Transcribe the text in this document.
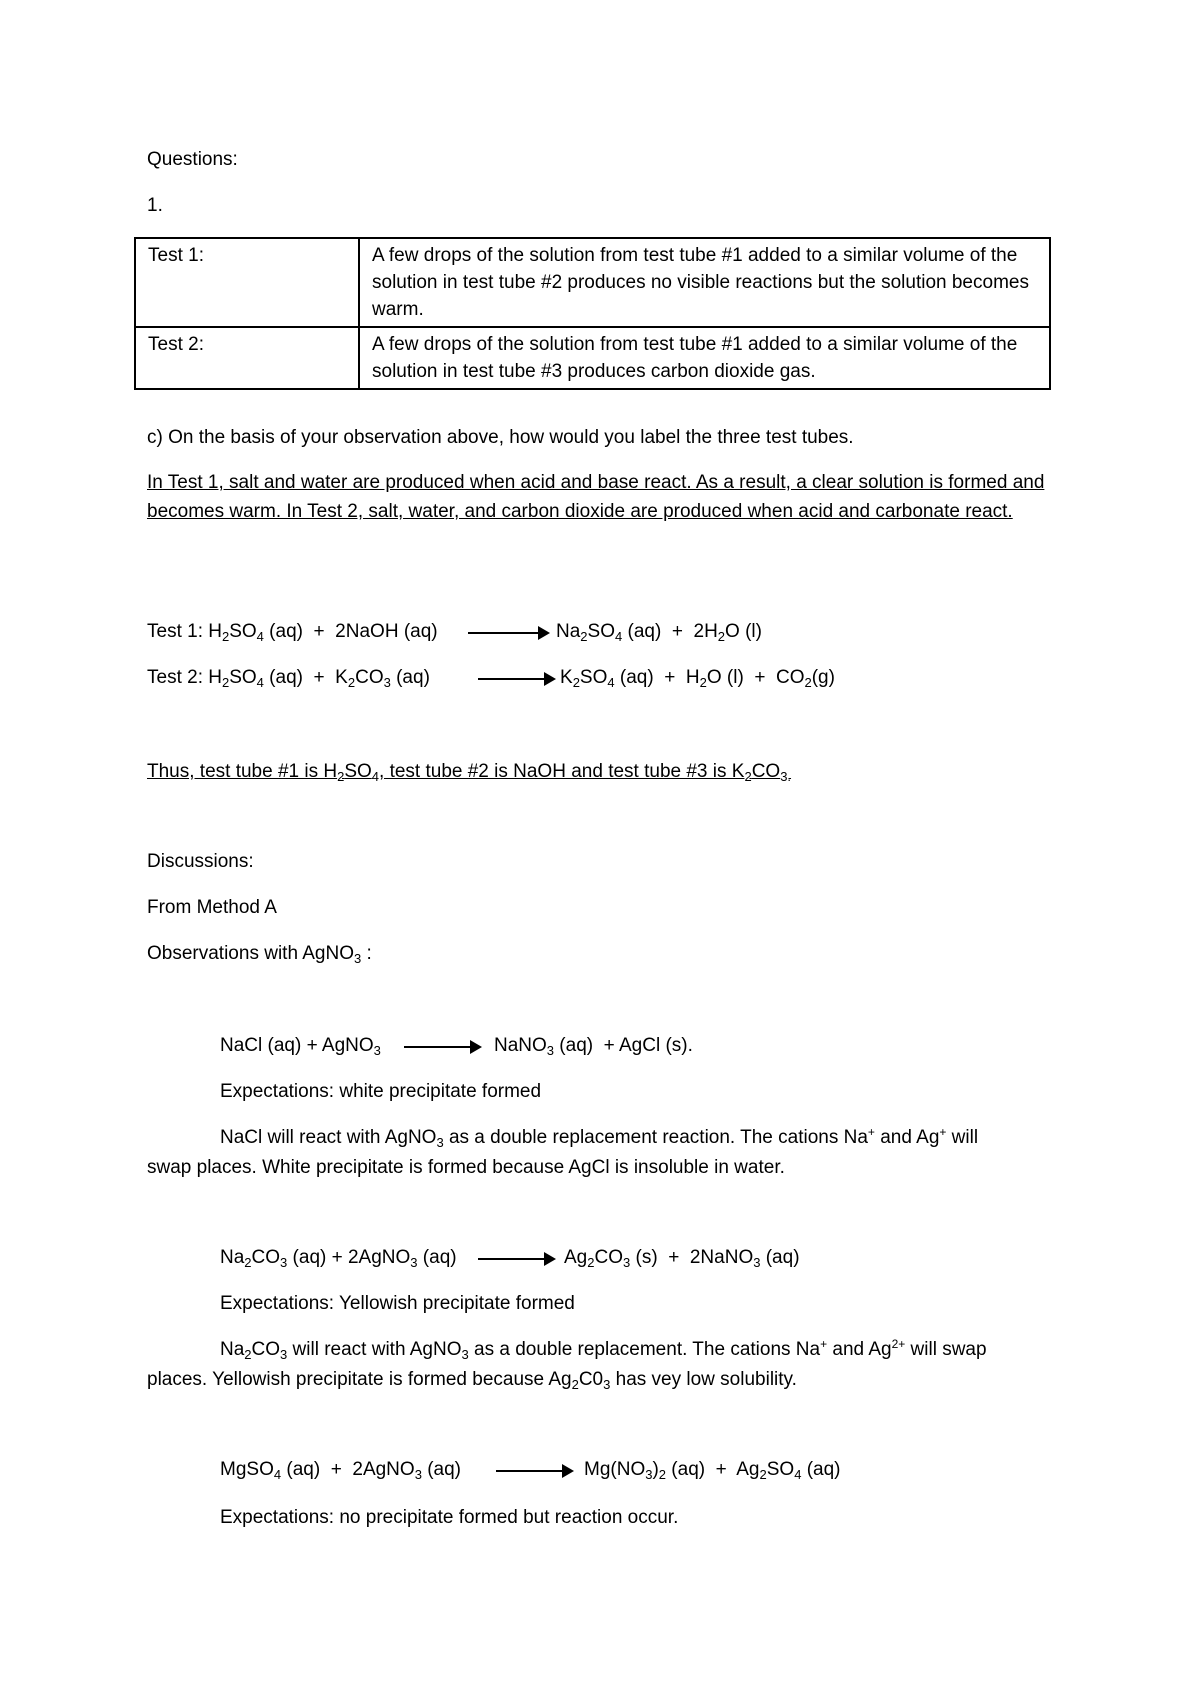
Questions:
1.
Test 1:	A few drops of the solution from test tube #1 added to a similar volume of the solution in test tube #2 produces no visible reactions but the solution becomes warm.
Test 2:	A few drops of the solution from test tube #1 added to a similar volume of the solution in test tube #3 produces carbon dioxide gas.
c) On the basis of your observation above, how would you label the three test tubes.

In Test 1, salt and water are produced when acid and base react. As a result, a clear solution is formed and becomes warm. In Test 2, salt, water, and carbon dioxide are produced when acid and carbonate react.

Test 1: $H_2SO_4$ (aq)  +  2NaOH (aq)	$Na_2SO_4$ $(aq) + 2H_2O$ (l)
Test 2: $H_2SO_4$ $(aq) + K_2CO_3$ (aq)	→ $K_2SO_4$ $(aq) + H_2O$ $(l) + CO_2(g)$
Thus, test tube #1 is $H_2SO_4$, test tube #2 is NaOH and test tube #3 is $K_2CO_{3.}$
Discussions:
From Method A
Observations with AgNO$_3$ :
NaCl (aq) + AgNO$_3$ → NaNO$_3$ (aq)  + AgCl (s).
Expectations: white precipitate formed
NaCl will react with AgNO$_3$ as a double replacement reaction. The cations Na+ and Ag+ will
swap places. White precipitate is formed because AgCl is insoluble in water.
$Na_2CO_3$ (aq) + 2AgNO$_3$ $(aq) \to Ag_2CO_3$ (s)  +  2NaNO$_3$ (aq)
Expectations: Yellowish precipitate formed
$Na_2CO_3$ will react with AgNO$_3$ as a double replacement. The cations Na+ and $Ag^{2+}$ will swap
places. Yellowish precipitate is formed because $Ag_2C0_3$ has vey low solubility.
MgSO$_4$ (aq)  +  2AgNO$_3$ $(aq) \to Mg(NO_3)_2$ $(aq) + Ag_2SO_4$ (aq)
Expectations: no precipitate formed but reaction occur.
